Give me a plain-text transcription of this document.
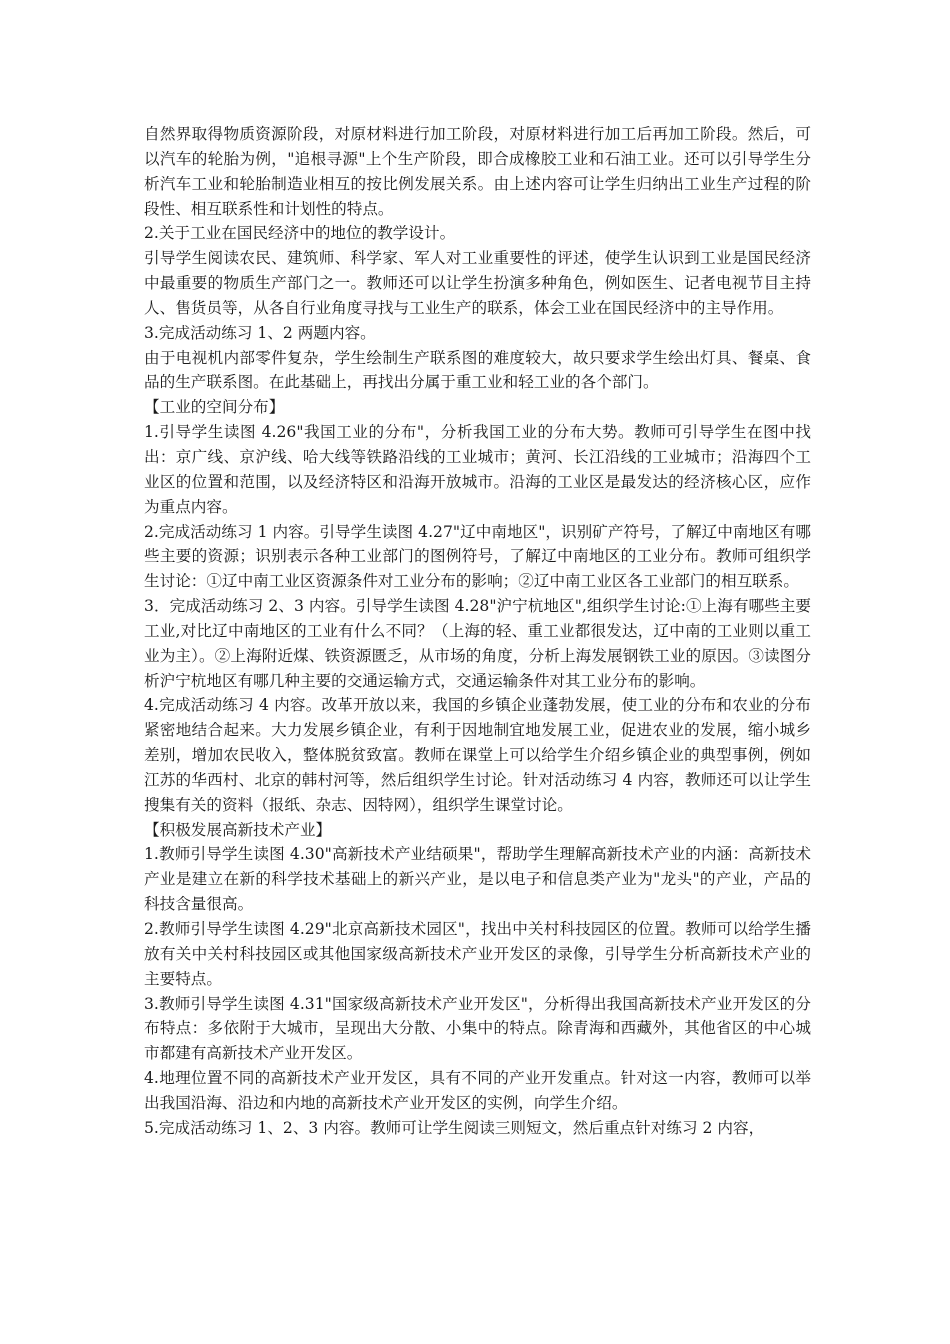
自然界取得物质资源阶段，对原材料进行加工阶段，对原材料进行加工后再加工阶段。然后，可以汽车的轮胎为例，"追根寻源"上个生产阶段，即合成橡胶工业和石油工业。还可以引导学生分析汽车工业和轮胎制造业相互的按比例发展关系。由上述内容可让学生归纳出工业生产过程的阶段性、相互联系性和计划性的特点。

2.关于工业在国民经济中的地位的教学设计。

引导学生阅读农民、建筑师、科学家、军人对工业重要性的评述，使学生认识到工业是国民经济中最重要的物质生产部门之一。教师还可以让学生扮演多种角色，例如医生、记者电视节目主持人、售货员等，从各自行业角度寻找与工业生产的联系，体会工业在国民经济中的主导作用。

3.完成活动练习 1、2 两题内容。

由于电视机内部零件复杂，学生绘制生产联系图的难度较大，故只要求学生绘出灯具、餐桌、食品的生产联系图。在此基础上，再找出分属于重工业和轻工业的各个部门。

【工业的空间分布】

1.引导学生读图 4.26"我国工业的分布"，分析我国工业的分布大势。教师可引导学生在图中找出：京广线、京沪线、哈大线等铁路沿线的工业城市；黄河、长江沿线的工业城市；沿海四个工业区的位置和范围，以及经济特区和沿海开放城市。沿海的工业区是最发达的经济核心区，应作为重点内容。

2.完成活动练习 1 内容。引导学生读图 4.27"辽中南地区"，识别矿产符号，了解辽中南地区有哪些主要的资源；识别表示各种工业部门的图例符号，了解辽中南地区的工业分布。教师可组织学生讨论：①辽中南工业区资源条件对工业分布的影响；②辽中南工业区各工业部门的相互联系。

3．完成活动练习 2、3 内容。引导学生读图 4.28"沪宁杭地区",组织学生讨论:①上海有哪些主要工业,对比辽中南地区的工业有什么不同？（上海的轻、重工业都很发达，辽中南的工业则以重工业为主）。②上海附近煤、铁资源匮乏，从市场的角度，分析上海发展钢铁工业的原因。③读图分析沪宁杭地区有哪几种主要的交通运输方式，交通运输条件对其工业分布的影响。

4.完成活动练习 4 内容。改革开放以来，我国的乡镇企业蓬勃发展，使工业的分布和农业的分布紧密地结合起来。大力发展乡镇企业，有利于因地制宜地发展工业，促进农业的发展，缩小城乡差别，增加农民收入，整体脱贫致富。教师在课堂上可以给学生介绍乡镇企业的典型事例，例如江苏的华西村、北京的韩村河等，然后组织学生讨论。针对活动练习 4 内容，教师还可以让学生搜集有关的资料（报纸、杂志、因特网），组织学生课堂讨论。

【积极发展高新技术产业】

1.教师引导学生读图 4.30"高新技术产业结硕果"，帮助学生理解高新技术产业的内涵：高新技术产业是建立在新的科学技术基础上的新兴产业，是以电子和信息类产业为"龙头"的产业，产品的科技含量很高。

2.教师引导学生读图 4.29"北京高新技术园区"，找出中关村科技园区的位置。教师可以给学生播放有关中关村科技园区或其他国家级高新技术产业开发区的录像，引导学生分析高新技术产业的主要特点。

3.教师引导学生读图 4.31"国家级高新技术产业开发区"，分析得出我国高新技术产业开发区的分布特点：多依附于大城市，呈现出大分散、小集中的特点。除青海和西藏外，其他省区的中心城市都建有高新技术产业开发区。

4.地理位置不同的高新技术产业开发区，具有不同的产业开发重点。针对这一内容，教师可以举出我国沿海、沿边和内地的高新技术产业开发区的实例，向学生介绍。

5.完成活动练习 1、2、3 内容。教师可让学生阅读三则短文，然后重点针对练习 2 内容，
